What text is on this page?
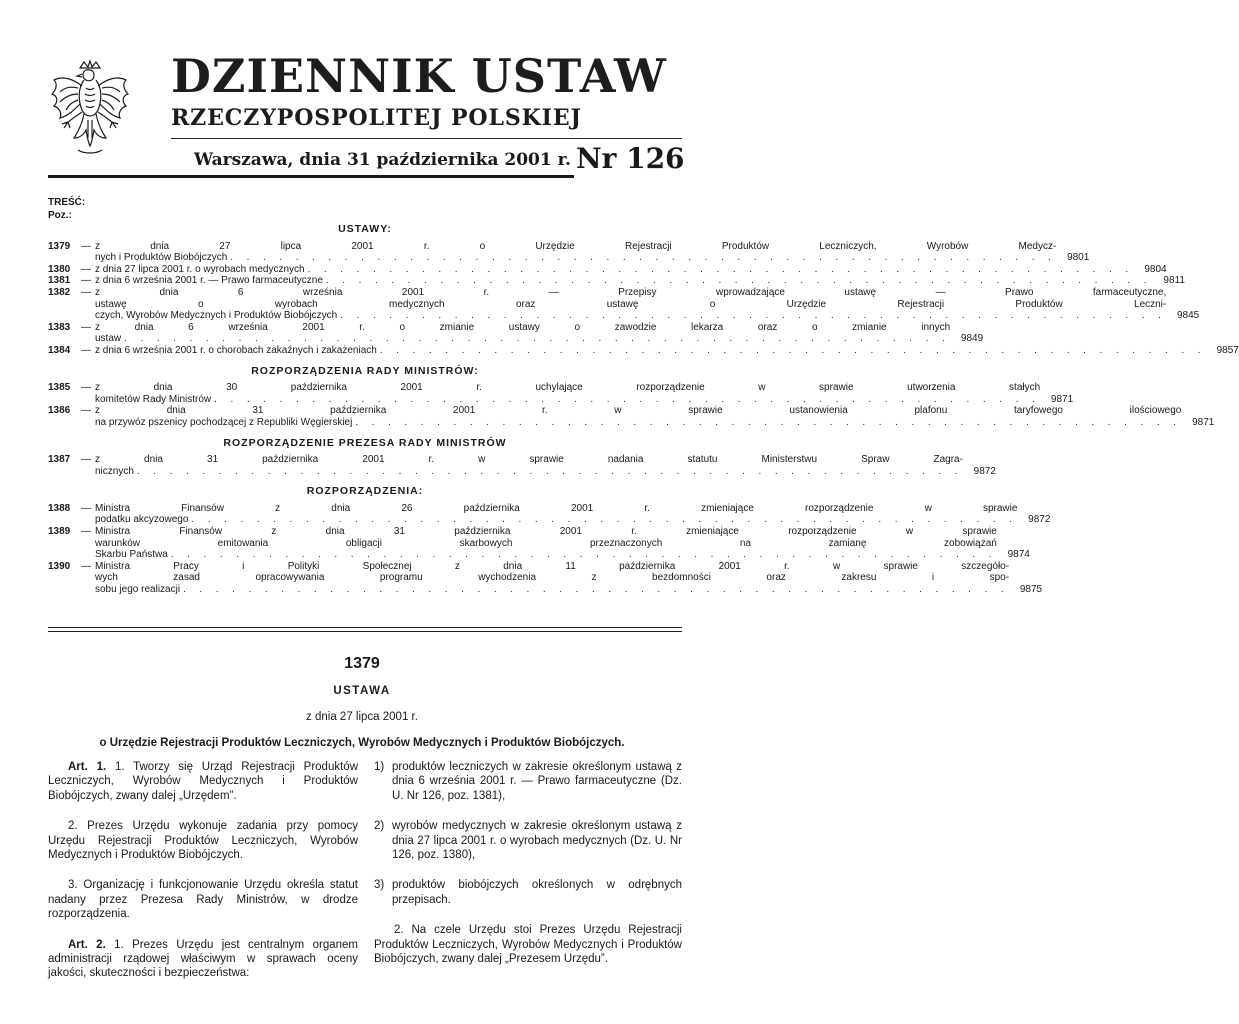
DZIENNIK USTAW
RZECZYPOSPOLITEJ POLSKIEJ
Warszawa, dnia 31 października 2001 r. Nr 126
TREŚĆ:
Poz.:
USTAWY:
1379	— z dnia 27 lipca 2001 r. o Urzędzie Rejestracji Produktów Leczniczych, Wyrobów Medycz-
nych i Produktów Biobójczych . . . . . . . . . . . . . . . . . . . . . . . . . . . . . . . . . . . . . . . . . . . . . . . . . . .	9801
1380	— z dnia 27 lipca 2001 r. o wyrobach medycznych . . . . . . . . . . . . . . . . . . . . . . . . . . . . . . . . . . . . . . . . . . . . . . . . . . .	9804
1381	— z dnia 6 września 2001 r. — Prawo farmaceutyczne . . . . . . . . . . . . . . . . . . . . . . . . . . . . . . . . . . . . . . . . . . . . . . . . . . .	9811
1382	— z dnia 6 września 2001 r. — Przepisy wprowadzające ustawę — Prawo farmaceutyczne,
ustawę o wyrobach medycznych oraz ustawę o Urzędzie Rejestracji Produktów Leczni-
czych, Wyrobów Medycznych i Produktów Biobójczych . . . . . . . . . . . . . . . . . . . . . . . . . . . . . . . . . . . . . . . . . . . . . . . . . . .	9845
1383	— z dnia 6 września 2001 r. o zmianie ustawy o zawodzie lekarza oraz o zmianie innych
ustaw . . . . . . . . . . . . . . . . . . . . . . . . . . . . . . . . . . . . . . . . . . . . . . . . . . .	9849
1384	— z dnia 6 września 2001 r. o chorobach zakaźnych i zakażeniach . . . . . . . . . . . . . . . . . . . . . . . . . . . . . . . . . . . . . . . . . . . . . . . . . . .	9857
ROZPORZĄDZENIA RADY MINISTRÓW:
1385	— z dnia 30 października 2001 r. uchylające rozporządzenie w sprawie utworzenia stałych
komitetów Rady Ministrów . . . . . . . . . . . . . . . . . . . . . . . . . . . . . . . . . . . . . . . . . . . . . . . . . . .	9871
1386	— z dnia 31 października 2001 r. w sprawie ustanowienia plafonu taryfowego ilościowego
na przywóz pszenicy pochodzącej z Republiki Węgierskiej . . . . . . . . . . . . . . . . . . . . . . . . . . . . . . . . . . . . . . . . . . . . . . . . . . .	9871
ROZPORZĄDZENIE PREZESA RADY MINISTRÓW
1387	— z dnia 31 października 2001 r. w sprawie nadania statutu Ministerstwu Spraw Zagra-
nicznych . . . . . . . . . . . . . . . . . . . . . . . . . . . . . . . . . . . . . . . . . . . . . . . . . . .	9872
ROZPORZĄDZENIA:
1388	— Ministra Finansów z dnia 26 października 2001 r. zmieniające rozporządzenie w sprawie
podatku akcyzowego . . . . . . . . . . . . . . . . . . . . . . . . . . . . . . . . . . . . . . . . . . . . . . . . . . .	9872
1389	— Ministra Finansów z dnia 31 października 2001 r. zmieniające rozporządzenie w sprawie
warunków emitowania obligacji skarbowych przeznaczonych na zamianę zobowiązań
Skarbu Państwa . . . . . . . . . . . . . . . . . . . . . . . . . . . . . . . . . . . . . . . . . . . . . . . . . . .	9874
1390	— Ministra Pracy i Polityki Społecznej z dnia 11 października 2001 r. w sprawie szczegóło-
wych zasad opracowywania programu wychodzenia z bezdomności oraz zakresu i spo-
sobu jego realizacji . . . . . . . . . . . . . . . . . . . . . . . . . . . . . . . . . . . . . . . . . . . . . . . . . . .	9875
1379
USTAWA
z dnia 27 lipca 2001 r.
o Urzędzie Rejestracji Produktów Leczniczych, Wyrobów Medycznych i Produktów Biobójczych.

Art. 1. 1. Tworzy się Urząd Rejestracji Produktów Leczniczych, Wyrobów Medycznych i Produktów Biobójczych, zwany dalej „Urzędem”.

2. Prezes Urzędu wykonuje zadania przy pomocy Urzędu Rejestracji Produktów Leczniczych, Wyrobów Medycznych i Produktów Biobójczych.

3. Organizację i funkcjonowanie Urzędu określa statut nadany przez Prezesa Rady Ministrów, w drodze rozporządzenia.

Art. 2. 1. Prezes Urzędu jest centralnym organem administracji rządowej właściwym w sprawach oceny jakości, skuteczności i bezpieczeństwa:

1) produktów leczniczych w zakresie określonym ustawą z dnia 6 września 2001 r. — Prawo farmaceutyczne (Dz. U. Nr 126, poz. 1381),
2) wyrobów medycznych w zakresie określonym ustawą z dnia 27 lipca 2001 r. o wyrobach medycznych (Dz. U. Nr 126, poz. 1380),
3) produktów biobójczych określonych w odrębnych przepisach.

2. Na czele Urzędu stoi Prezes Urzędu Rejestracji Produktów Leczniczych, Wyrobów Medycznych i Produktów Biobójczych, zwany dalej „Prezesem Urzędu”.
